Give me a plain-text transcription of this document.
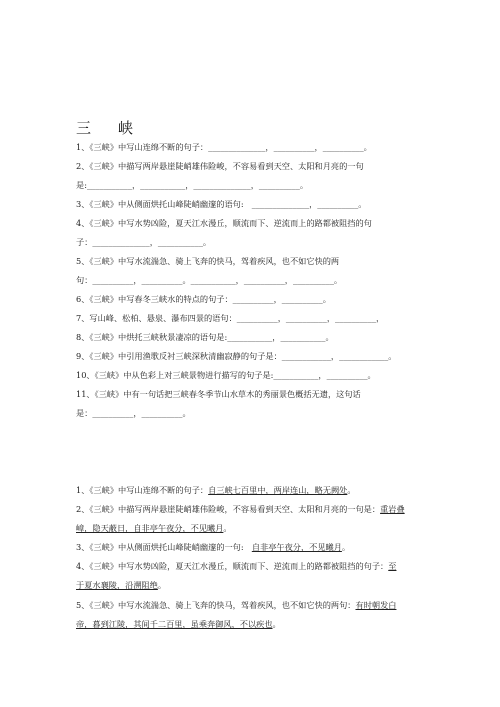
三　峡
1、《三峡》中写山连绵不断的句子：______________，__________，__________。
2、《三峡》中描写两岸悬崖陡峭雄伟险峻，不容易看到天空、太阳和月亮的一句
是:___________，___________，______________，__________。
3、《三峡》中从侧面烘托山峰陡峭幽邃的语句:　______________，__________。
4、《三峡》中写水势凶险，夏天江水漫丘，顺流而下、逆流而上的路都被阻挡的句
子：______________，___________。
5、《三峡》中写水流湍急、骑上飞奔的快马，驾着疾风，也不如它快的两
句：__________，__________。___________，__________，__________。
6、《三峡》中写春冬三峡水的特点的句子：__________，__________。
7、写山峰、松柏、悬泉、瀑布四景的语句：__________，__________，__________，
8、《三峡》中烘托三峡秋景凄凉的语句是:___________，___________。
9、《三峡》中引用渔歌反衬三峡深秋清幽寂静的句子是：____________，____________。
10、《三峡》中从色彩上对三峡景物进行描写的句子是:___________，__________。
11、《三峡》中有一句话把三峡春冬季节山水草木的秀丽景色概括无遗，这句话
是：__________，__________。
1、《三峡》中写山连绵不断的句子：自三峡七百里中，两岸连山，略无阙处。
2、《三峡》中描写两岸悬崖陡峭雄伟险峻，不容易看到天空、太阳和月亮的一句是：重岩叠
嶂，隐天蔽日，自非亭午夜分，不见曦月。
3、《三峡》中从侧面烘托山峰陡峭幽邃的一句:　自非亭午夜分，不见曦月。
4、《三峡》中写水势凶险，夏天江水漫丘，顺流而下、逆流而上的路都被阻挡的句子：至
于夏水襄陵，沿溯阻绝。
5、《三峡》中写水流湍急、骑上飞奔的快马，驾着疾风，也不如它快的两句：有时朝发白
帝，暮到江陵，其间千二百里，虽乘奔御风，不以疾也。
